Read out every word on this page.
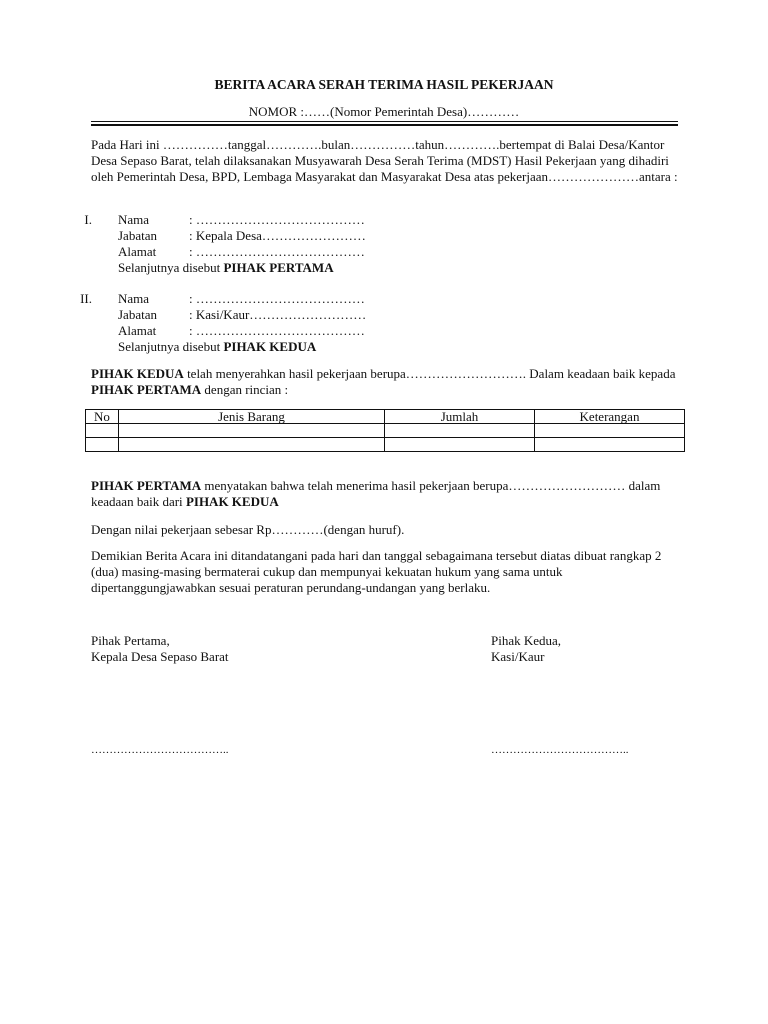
BERITA ACARA SERAH TERIMA HASIL PEKERJAAN
NOMOR :……(Nomor Pemerintah Desa)…………
Pada Hari ini ……………tanggal………….bulan……………tahun………….bertempat di Balai Desa/Kantor Desa Sepaso Barat, telah dilaksanakan Musyawarah Desa Serah Terima (MDST) Hasil Pekerjaan yang dihadiri oleh Pemerintah Desa, BPD, Lembaga Masyarakat dan Masyarakat Desa atas pekerjaan…………………antara :
I. Nama	: …………………………………
Jabatan : Kepala Desa……………………
Alamat	: …………………………………
Selanjutnya disebut PIHAK PERTAMA
II. Nama	: …………………………………
Jabatan : Kasi/Kaur………………………
Alamat	: …………………………………
Selanjutnya disebut PIHAK KEDUA
PIHAK KEDUA telah menyerahkan hasil pekerjaan berupa………………………. Dalam keadaan baik kepada PIHAK PERTAMA dengan rincian :
No	Jenis Barang	Jumlah	Keterangan

PIHAK PERTAMA menyatakan bahwa telah menerima hasil pekerjaan berupa……………………… dalam keadaan baik dari PIHAK KEDUA
Dengan nilai pekerjaan sebesar Rp…………(dengan huruf).
Demikian Berita Acara ini ditandatangani pada hari dan tanggal sebagaimana tersebut diatas dibuat rangkap 2 (dua) masing-masing bermaterai cukup dan mempunyai kekuatan hukum yang sama untuk dipertanggungjawabkan sesuai peraturan perundang-undangan yang berlaku.
Pihak Pertama,
Kepala Desa Sepaso Barat
Pihak Kedua,
Kasi/Kaur
………………………………..	………………………………..
